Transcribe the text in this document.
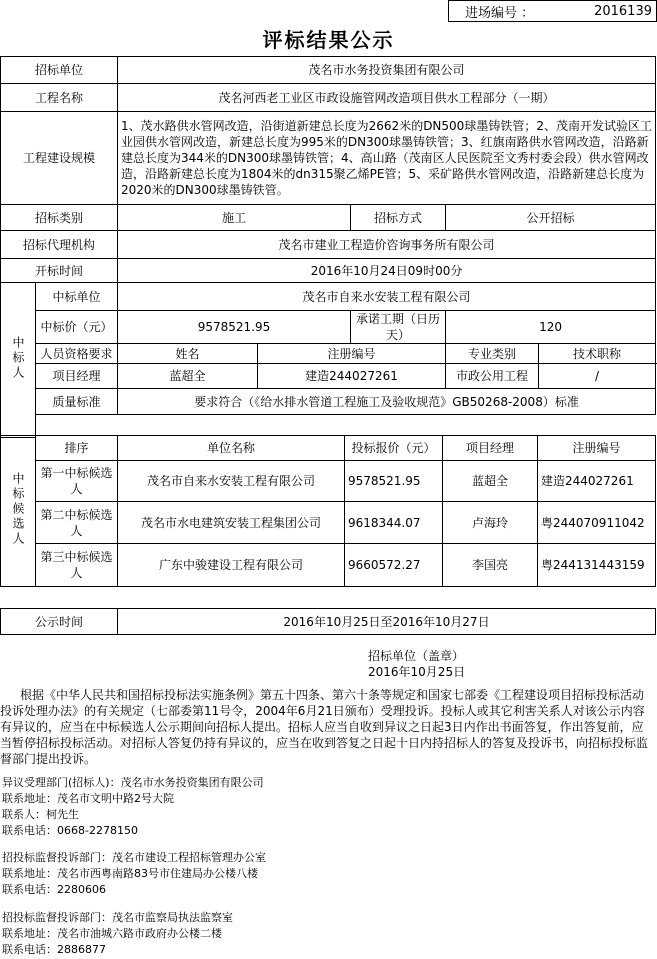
进场编号 ：	2016139
评标结果公示
招标单位		茂名市水务投资集团有限公司				
工程名称		茂名河西老工业区市政设施管网改造项目供水工程部分（一期）				
工程建设规模		1、茂水路供水管网改造，沿街道新建总长度为2662米的DN500球墨铸铁管；2、茂南开发试验区工业园供水管网改造，新建总长度为995米的DN300球墨铸铁管；3、红旗南路供水管网改造，沿路新建总长度为344米的DN300球墨铸铁管；4、高山路（茂南区人民医院至文秀村委会段）供水管网改造，沿路新建总长度为1804米的dn315聚乙烯PE管；5、采矿路供水管网改造，沿路新建总长度为2020米的DN300球墨铸铁管。				
招标类别		施工		招标方式	公开招标	
招标代理机构		茂名市建业工程造价咨询事务所有限公司				
开标时间		2016年10月24日09时00分				
中标人	中标单位	茂名市自来水安装工程有限公司				
	中标价（元）	9578521.95		承诺工期（日历天）	120	
	人员资格要求	姓名	注册编号		专业类别	技术职称
	项目经理	蓝超全	建造244027261		市政公用工程	/
	质量标准	要求符合（《给水排水管道工程施工及验收规范》GB50268-2008）标准				

中标候选人	排序	单位名称	投标报价（元）	项目经理	注册编号
	第一中标候选人	茂名市自来水安装工程有限公司	9578521.95	蓝超全	建造244027261
	第二中标候选人	茂名市水电建筑安装工程集团公司	9618344.07	卢海玲	粤244070911042
	第三中标候选人	广东中骏建设工程有限公司	9660572.27	李国亮	粤244131443159

公示时间		2016年10月25日至2016年10月27日			
招标单位（盖章）
2016年10月25日
根据《中华人民共和国招标投标法实施条例》第五十四条、第六十条等规定和国家七部委《工程建设项目招标投标活动投诉处理办法》的有关规定（七部委第11号令，2004年6月21日颁布）受理投诉。投标人或其它利害关系人对该公示内容有异议的，应当在中标候选人公示期间向招标人提出。招标人应当自收到异议之日起3日内作出书面答复，作出答复前，应当暂停招标投标活动。对招标人答复仍持有异议的，应当在收到答复之日起十日内持招标人的答复及投诉书，向招标投标监督部门提出投诉。
异议受理部门(招标人)：茂名市水务投资集团有限公司
联系地址：茂名市文明中路2号大院
联系人：柯先生
联系电话：0668-2278150
招投标监督投诉部门：茂名市建设工程招标管理办公室
联系地址：茂名市西粤南路83号市住建局办公楼八楼
联系电话：2280606
招投标监督投诉部门：茂名市监察局执法监察室
联系地址：茂名市油城六路市政府办公楼二楼
联系电话：2886877
